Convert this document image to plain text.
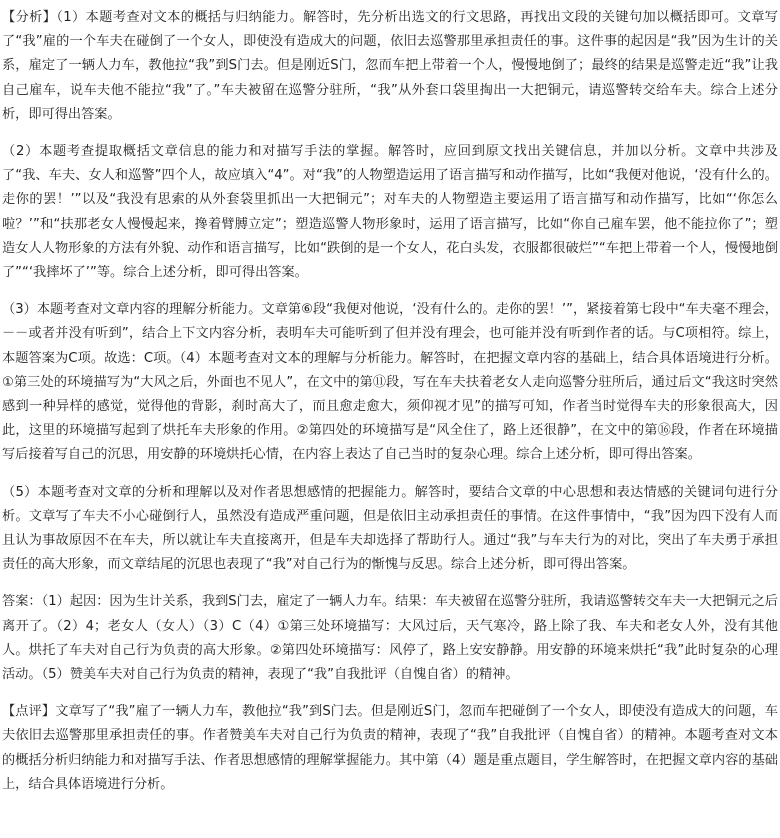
【分析】（1）本题考查对文本的概括与归纳能力。解答时，先分析出选文的行文思路，再找出文段的关键句加以概括即可。文章写了“我”雇的一个车夫在碰倒了一个女人，即使没有造成大的问题，依旧去巡警那里承担责任的事。这件事的起因是“我”因为生计的关系，雇定了一辆人力车，教他拉“我”到S门去。但是刚近S门，忽而车把上带着一个人，慢慢地倒了；最终的结果是巡警走近“我”让我自己雇车，说车夫他不能拉“我”了。”车夫被留在巡警分驻所，“我”从外套口袋里掏出一大把铜元，请巡警转交给车夫。综合上述分析，即可得出答案。

（2）本题考查提取概括文章信息的能力和对描写手法的掌握。解答时，应回到原文找出关键信息，并加以分析。文章中共涉及了“我、车夫、女人和巡警”四个人，故应填入“4”。对“我”的人物塑造运用了语言描写和动作描写，比如“我便对他说，‘没有什么的。走你的罢！’”以及“我没有思索的从外套袋里抓出一大把铜元”；对车夫的人物塑造主要运用了语言描写和动作描写，比如“‘你怎么啦？’”和“扶那老女人慢慢起来，搀着臂膊立定”；塑造巡警人物形象时，运用了语言描写，比如“你自己雇车罢，他不能拉你了”；塑造女人人物形象的方法有外貌、动作和语言描写，比如“跌倒的是一个女人，花白头发，衣服都很破烂”“车把上带着一个人，慢慢地倒了”“‘我摔坏了’”等。综合上述分析，即可得出答案。

（3）本题考查对文章内容的理解分析能力。文章第⑥段“我便对他说，‘没有什么的。走你的罢！’”，紧接着第七段中“车夫毫不理会，－－或者并没有听到”，结合上下文内容分析，表明车夫可能听到了但并没有理会，也可能并没有听到作者的话。与C项相符。综上，本题答案为C项。故选：C项。（4）本题考查对文本的理解与分析能力。解答时，在把握文章内容的基础上，结合具体语境进行分析。①第三处的环境描写为“大风之后，外面也不见人”，在文中的第⑪段，写在车夫扶着老女人走向巡警分驻所后，通过后文“我这时突然感到一种异样的感觉，觉得他的背影，刹时高大了，而且愈走愈大，须仰视才见”的描写可知，作者当时觉得车夫的形象很高大，因此，这里的环境描写起到了烘托车夫形象的作用。②第四处的环境描写是“风全住了，路上还很静”，在文中的第⑯段，作者在环境描写后接着写自己的沉思，用安静的环境烘托心情，在内容上表达了自己当时的复杂心理。综合上述分析，即可得出答案。

（5）本题考查对文章的分析和理解以及对作者思想感情的把握能力。解答时，要结合文章的中心思想和表达情感的关键词句进行分析。文章写了车夫不小心碰倒行人，虽然没有造成严重问题，但是依旧主动承担责任的事情。在这件事情中，“我”因为四下没有人而且认为事故原因不在车夫，所以就让车夫直接离开，但是车夫却选择了帮助行人。通过“我”与车夫行为的对比，突出了车夫勇于承担责任的高大形象，而文章结尾的沉思也表现了“我”对自己行为的惭愧与反思。综合上述分析，即可得出答案。

答案：（1）起因：因为生计关系，我到S门去，雇定了一辆人力车。结果：车夫被留在巡警分驻所，我请巡警转交车夫一大把铜元之后离开了。（2）4；老女人（女人）（3）C（4）①第三处环境描写：大风过后，天气寒冷，路上除了我、车夫和老女人外，没有其他人。烘托了车夫对自己行为负责的高大形象。②第四处环境描写：风停了，路上安安静静。用安静的环境来烘托“我”此时复杂的心理活动。（5）赞美车夫对自己行为负责的精神，表现了“我”自我批评（自愧自省）的精神。

【点评】文章写了“我”雇了一辆人力车，教他拉“我”到S门去。但是刚近S门，忽而车把碰倒了一个女人，即使没有造成大的问题，车夫依旧去巡警那里承担责任的事。作者赞美车夫对自己行为负责的精神，表现了“我”自我批评（自愧自省）的精神。本题考查对文本的概括分析归纳能力和对描写手法、作者思想感情的理解掌握能力。其中第（4）题是重点题目，学生解答时，在把握文章内容的基础上，结合具体语境进行分析。
